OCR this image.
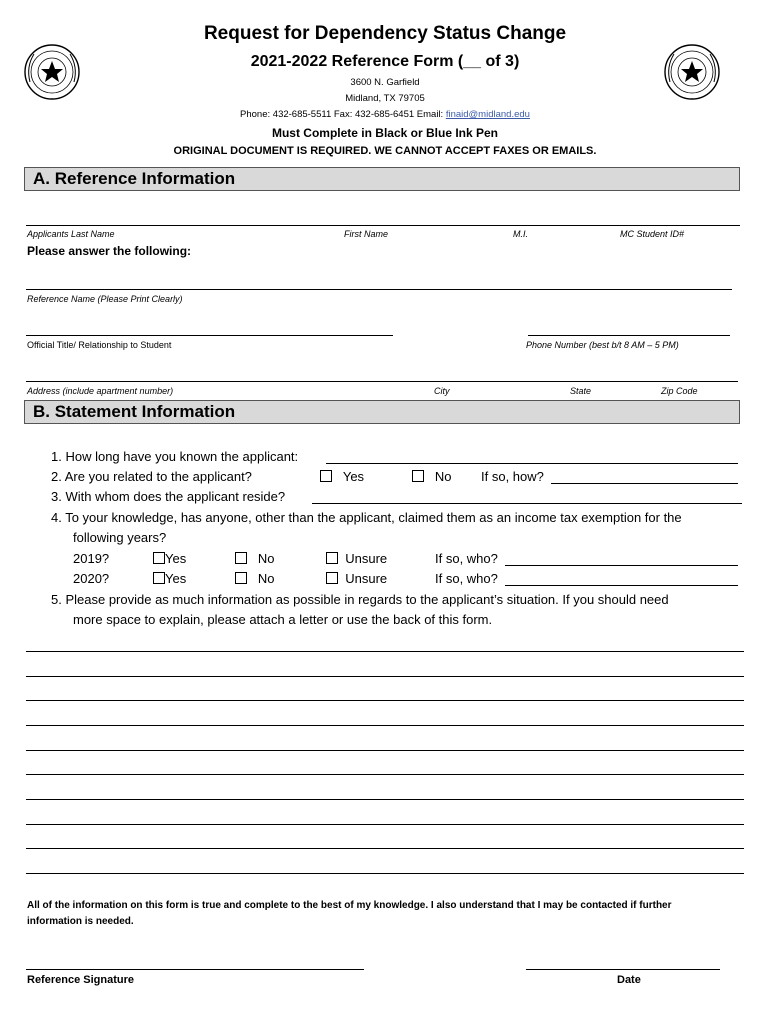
Request for Dependency Status Change
2021-2022 Reference Form (__ of 3)
3600 N. Garfield
Midland, TX 79705
Phone: 432-685-5511 Fax: 432-685-6451 Email: finaid@midland.edu
Must Complete in Black or Blue Ink Pen
ORIGINAL DOCUMENT IS REQUIRED. WE CANNOT ACCEPT FAXES OR EMAILS.
A. Reference Information
Applicants Last Name	First Name	M.I.	MC Student ID#
Please answer the following:
Reference Name (Please Print Clearly)
Official Title/ Relationship to Student	Phone Number (best b/t 8 AM – 5 PM)
Address (include apartment number)	City	State	Zip Code
B. Statement Information
1. How long have you known the applicant:
2. Are you related to the applicant?	Yes	No If so, how?
3. With whom does the applicant reside?
4. To your knowledge, has anyone, other than the applicant, claimed them as an income tax exemption for the
following years?
2019?	Yes	No	Unsure	If so, who?
2020?	Yes	No	Unsure	If so, who?
5. Please provide as much information as possible in regards to the applicant’s situation. If you should need
more space to explain, please attach a letter or use the back of this form.
All of the information on this form is true and complete to the best of my knowledge. I also understand that I may be contacted if further
information is needed.
Reference Signature	Date
